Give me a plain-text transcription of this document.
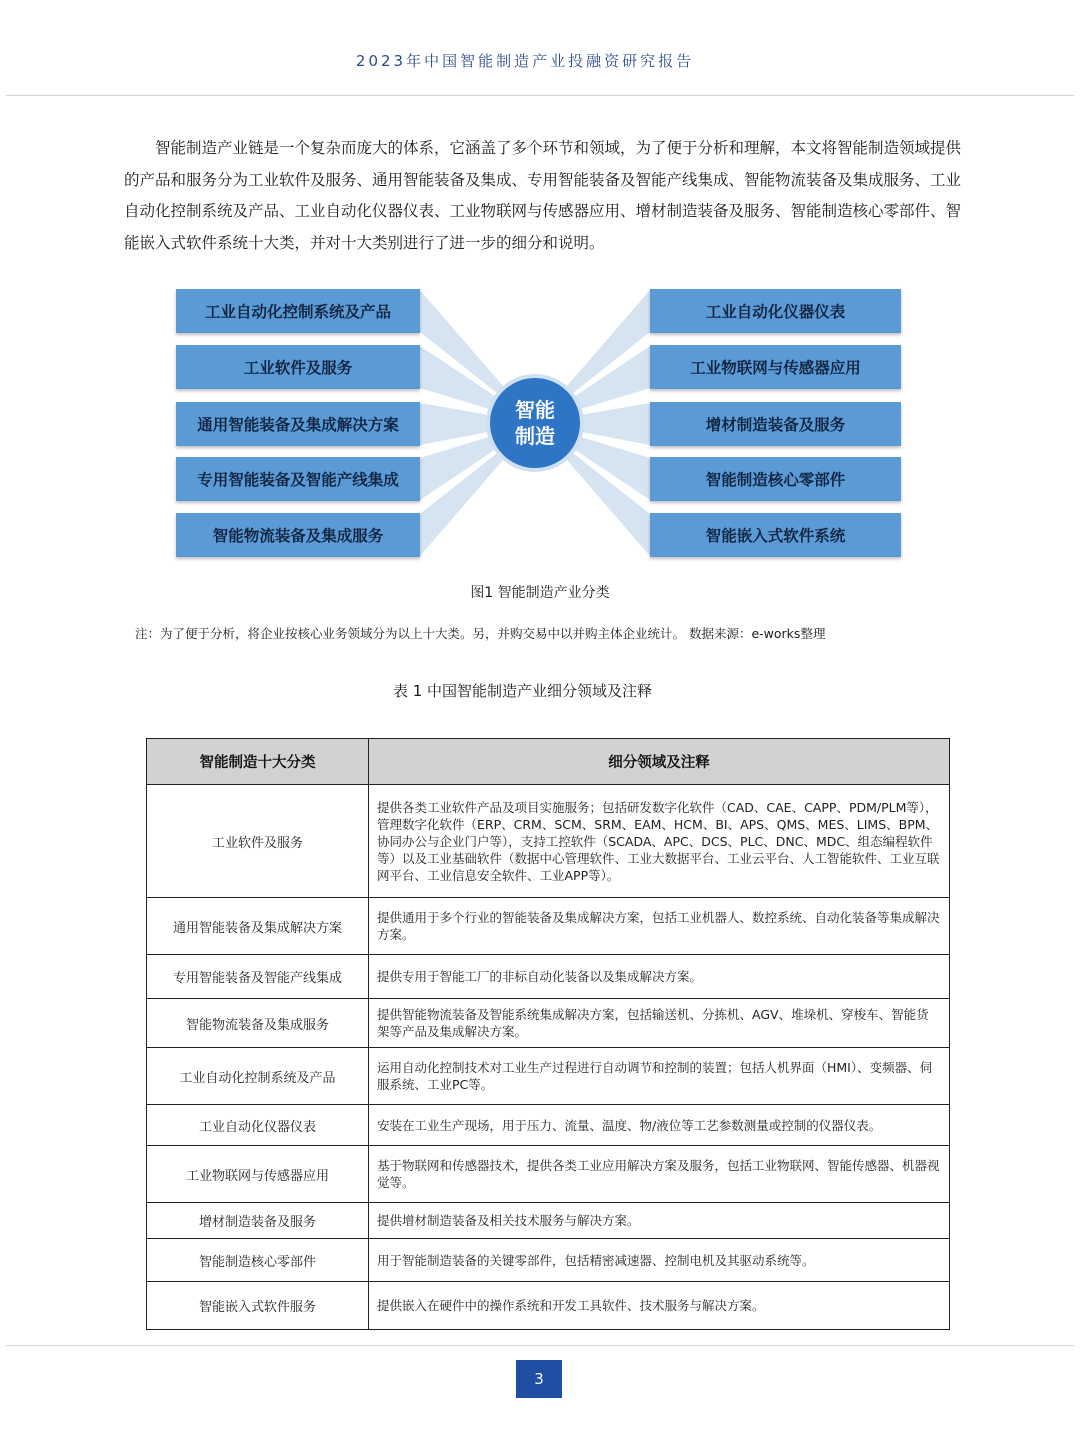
2023年中国智能制造产业投融资研究报告

智能制造产业链是一个复杂而庞大的体系，它涵盖了多个环节和领域，为了便于分析和理解，本文将智能制造领域提供的产品和服务分为工业软件及服务、通用智能装备及集成、专用智能装备及智能产线集成、智能物流装备及集成服务、工业自动化控制系统及产品、工业自动化仪器仪表、工业物联网与传感器应用、增材制造装备及服务、智能制造核心零部件、智能嵌入式软件系统十大类，并对十大类别进行了进一步的细分和说明。

工业自动化控制系统及产品
工业软件及服务
通用智能装备及集成解决方案
专用智能装备及智能产线集成
智能物流装备及集成服务
工业自动化仪器仪表
工业物联网与传感器应用
增材制造装备及服务
智能制造核心零部件
智能嵌入式软件系统
智能
制造
图1 智能制造产业分类
注：为了便于分析，将企业按核心业务领域分为以上十大类。另，并购交易中以并购主体企业统计。 数据来源：e-works整理
表 1 中国智能制造产业细分领域及注释
智能制造十大分类	细分领域及注释
工业软件及服务	提供各类工业软件产品及项目实施服务；包括研发数字化软件（CAD、CAE、CAPP、PDM/PLM等），管理数字化软件（ERP、CRM、SCM、SRM、EAM、HCM、BI、APS、QMS、MES、LIMS、BPM、协同办公与企业门户等），支持工控软件（SCADA、APC、DCS、PLC、DNC、MDC、组态编程软件等）以及工业基础软件（数据中心管理软件、工业大数据平台、工业云平台、人工智能软件、工业互联网平台、工业信息安全软件、工业APP等）。
通用智能装备及集成解决方案	提供通用于多个行业的智能装备及集成解决方案，包括工业机器人、数控系统、自动化装备等集成解决方案。
专用智能装备及智能产线集成	提供专用于智能工厂的非标自动化装备以及集成解决方案。
智能物流装备及集成服务	提供智能物流装备及智能系统集成解决方案，包括输送机、分拣机、AGV、堆垛机、穿梭车、智能货架等产品及集成解决方案。
工业自动化控制系统及产品	运用自动化控制技术对工业生产过程进行自动调节和控制的装置；包括人机界面（HMI）、变频器、伺服系统、工业PC等。
工业自动化仪器仪表	安装在工业生产现场，用于压力、流量、温度、物/液位等工艺参数测量或控制的仪器仪表。
工业物联网与传感器应用	基于物联网和传感器技术，提供各类工业应用解决方案及服务，包括工业物联网、智能传感器、机器视觉等。
增材制造装备及服务	提供增材制造装备及相关技术服务与解决方案。
智能制造核心零部件	用于智能制造装备的关键零部件，包括精密减速器、控制电机及其驱动系统等。
智能嵌入式软件服务	提供嵌入在硬件中的操作系统和开发工具软件、技术服务与解决方案。
3
